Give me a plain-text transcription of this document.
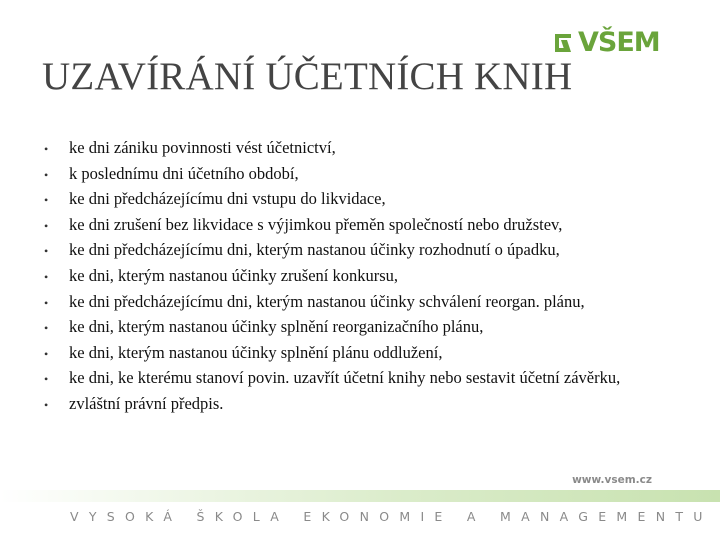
VŠEM
UZAVÍRÁNÍ ÚČETNÍCH KNIH
•	ke dni zániku povinnosti vést účetnictví,
•	k poslednímu dni účetního období,
•	ke dni předcházejícímu dni vstupu do likvidace,
•	ke dni zrušení bez likvidace s výjimkou přeměn společností nebo družstev,
•	ke dni předcházejícímu dni, kterým nastanou účinky rozhodnutí o úpadku,
•	ke dni, kterým nastanou účinky zrušení konkursu,
•	ke dni předcházejícímu dni, kterým nastanou účinky schválení reorgan. plánu,
•	ke dni, kterým nastanou účinky splnění reorganizačního plánu,
•	ke dni, kterým nastanou účinky splnění plánu oddlužení,
•	ke dni, ke kterému stanoví povin. uzavřít účetní knihy nebo sestavit účetní závěrku,
•	zvláštní právní předpis.
www.vsem.cz
VYSOKÁ ŠKOLA EKONOMIE A MANAGEMENTU
